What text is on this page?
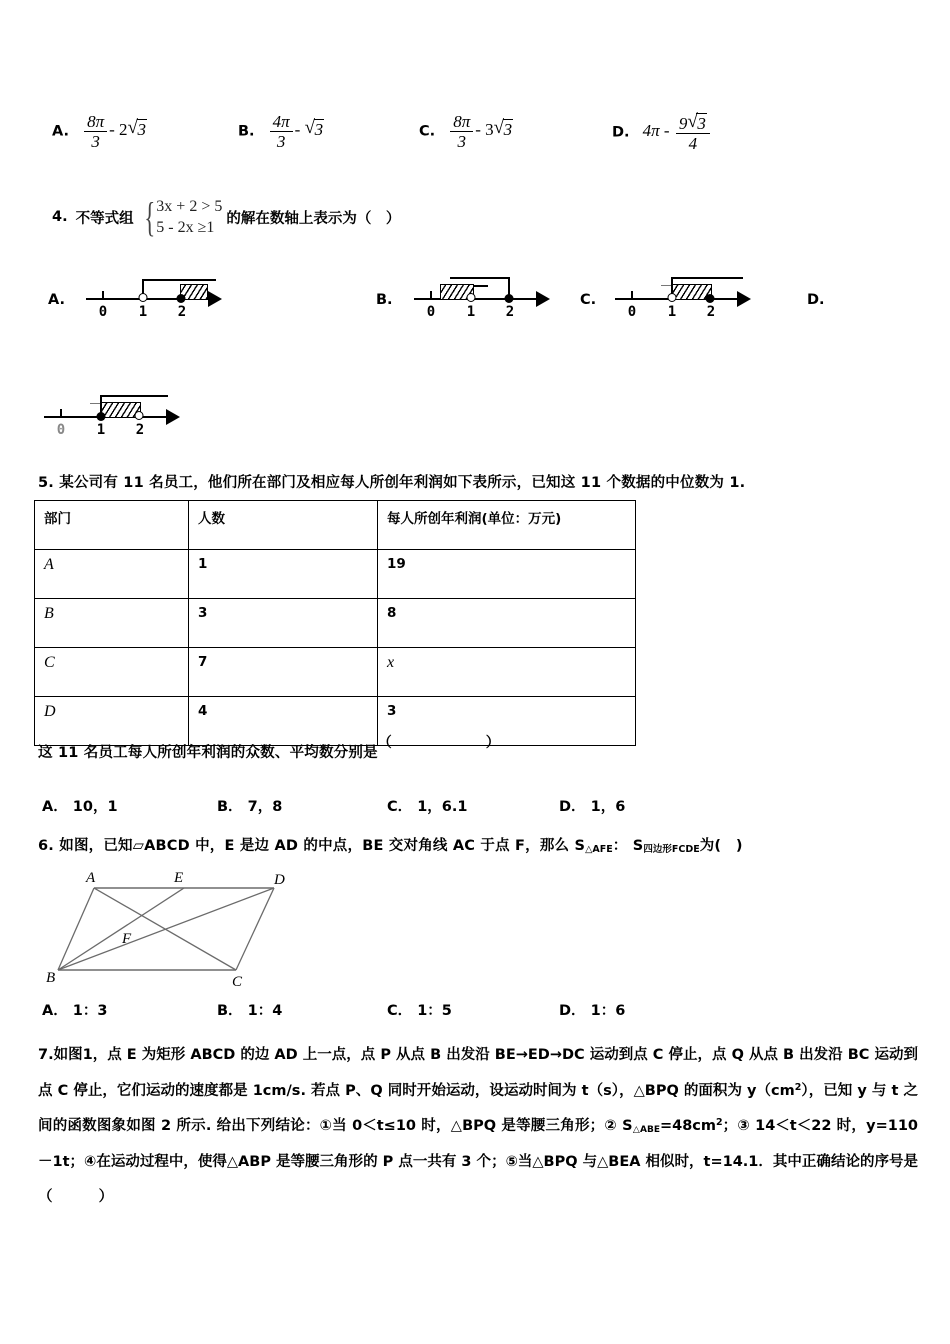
A. $\frac{8\pi}{3} - 2$ √ 3	B. $\frac{4\pi}{3}$ - √ 3	C. $\frac{8\pi}{3} - 3$ √ 3	D. $4\pi - \frac{9 √ 3}{4}$
4. 不等式组 { 3x + 2 > 5
5 - 2x ≥1
的解在数轴上表示为（　）
A.
0 1 2
B.
0 1 2
C.
0 1 2
D.
0 1 2
5. 某公司有 11 名员工，他们所在部门及相应每人所创年利润如下表所示，已知这 11 个数据的中位数为 1.
部门	人数	每人所创年利润(单位：万元)
A	1	19
B	3	8
C	7	x
D	4	3
这 11 名员工每人所创年利润的众数、平均数分别是（　　）
A． 10，1	B． 7，8	C． 1，6.1	D． 1，6
6. 如图，已知▱ABCD 中，E 是边 AD 的中点，BE 交对角线 AC 于点 F，那么 $S_{\triangle AFE}$： $S_{四边形FCDE}$为(　)
A	E	D
B	C
F
A． 1：3	B． 1：4	C． 1：5	D． 1：6
7.如图1，点 E 为矩形 ABCD 的边 AD 上一点，点 P 从点 B 出发沿 BE→ED→DC 运动到点 C 停止，点 Q 从点 B 出发沿 BC 运动到点 C 停止，它们运动的速度都是 1cm/s. 若点 P、Q 同时开始运动，设运动时间为 t（s），△BPQ 的面积为 $y(cm^2)$，已知 y 与 t 之间的函数图象如图 2 所示. 给出下列结论：①当 0＜t≤10 时，△BPQ 是等腰三角形；② $S\triangle ABE=48cm^2$；③ 14＜t＜22 时，y=110－1t；④在运动过程中，使得△ABP 是等腰三角形的 P 点一共有 3 个；⑤当△BPQ 与△BEA 相似时，t=14.1．其中正确结论的序号是（	）
